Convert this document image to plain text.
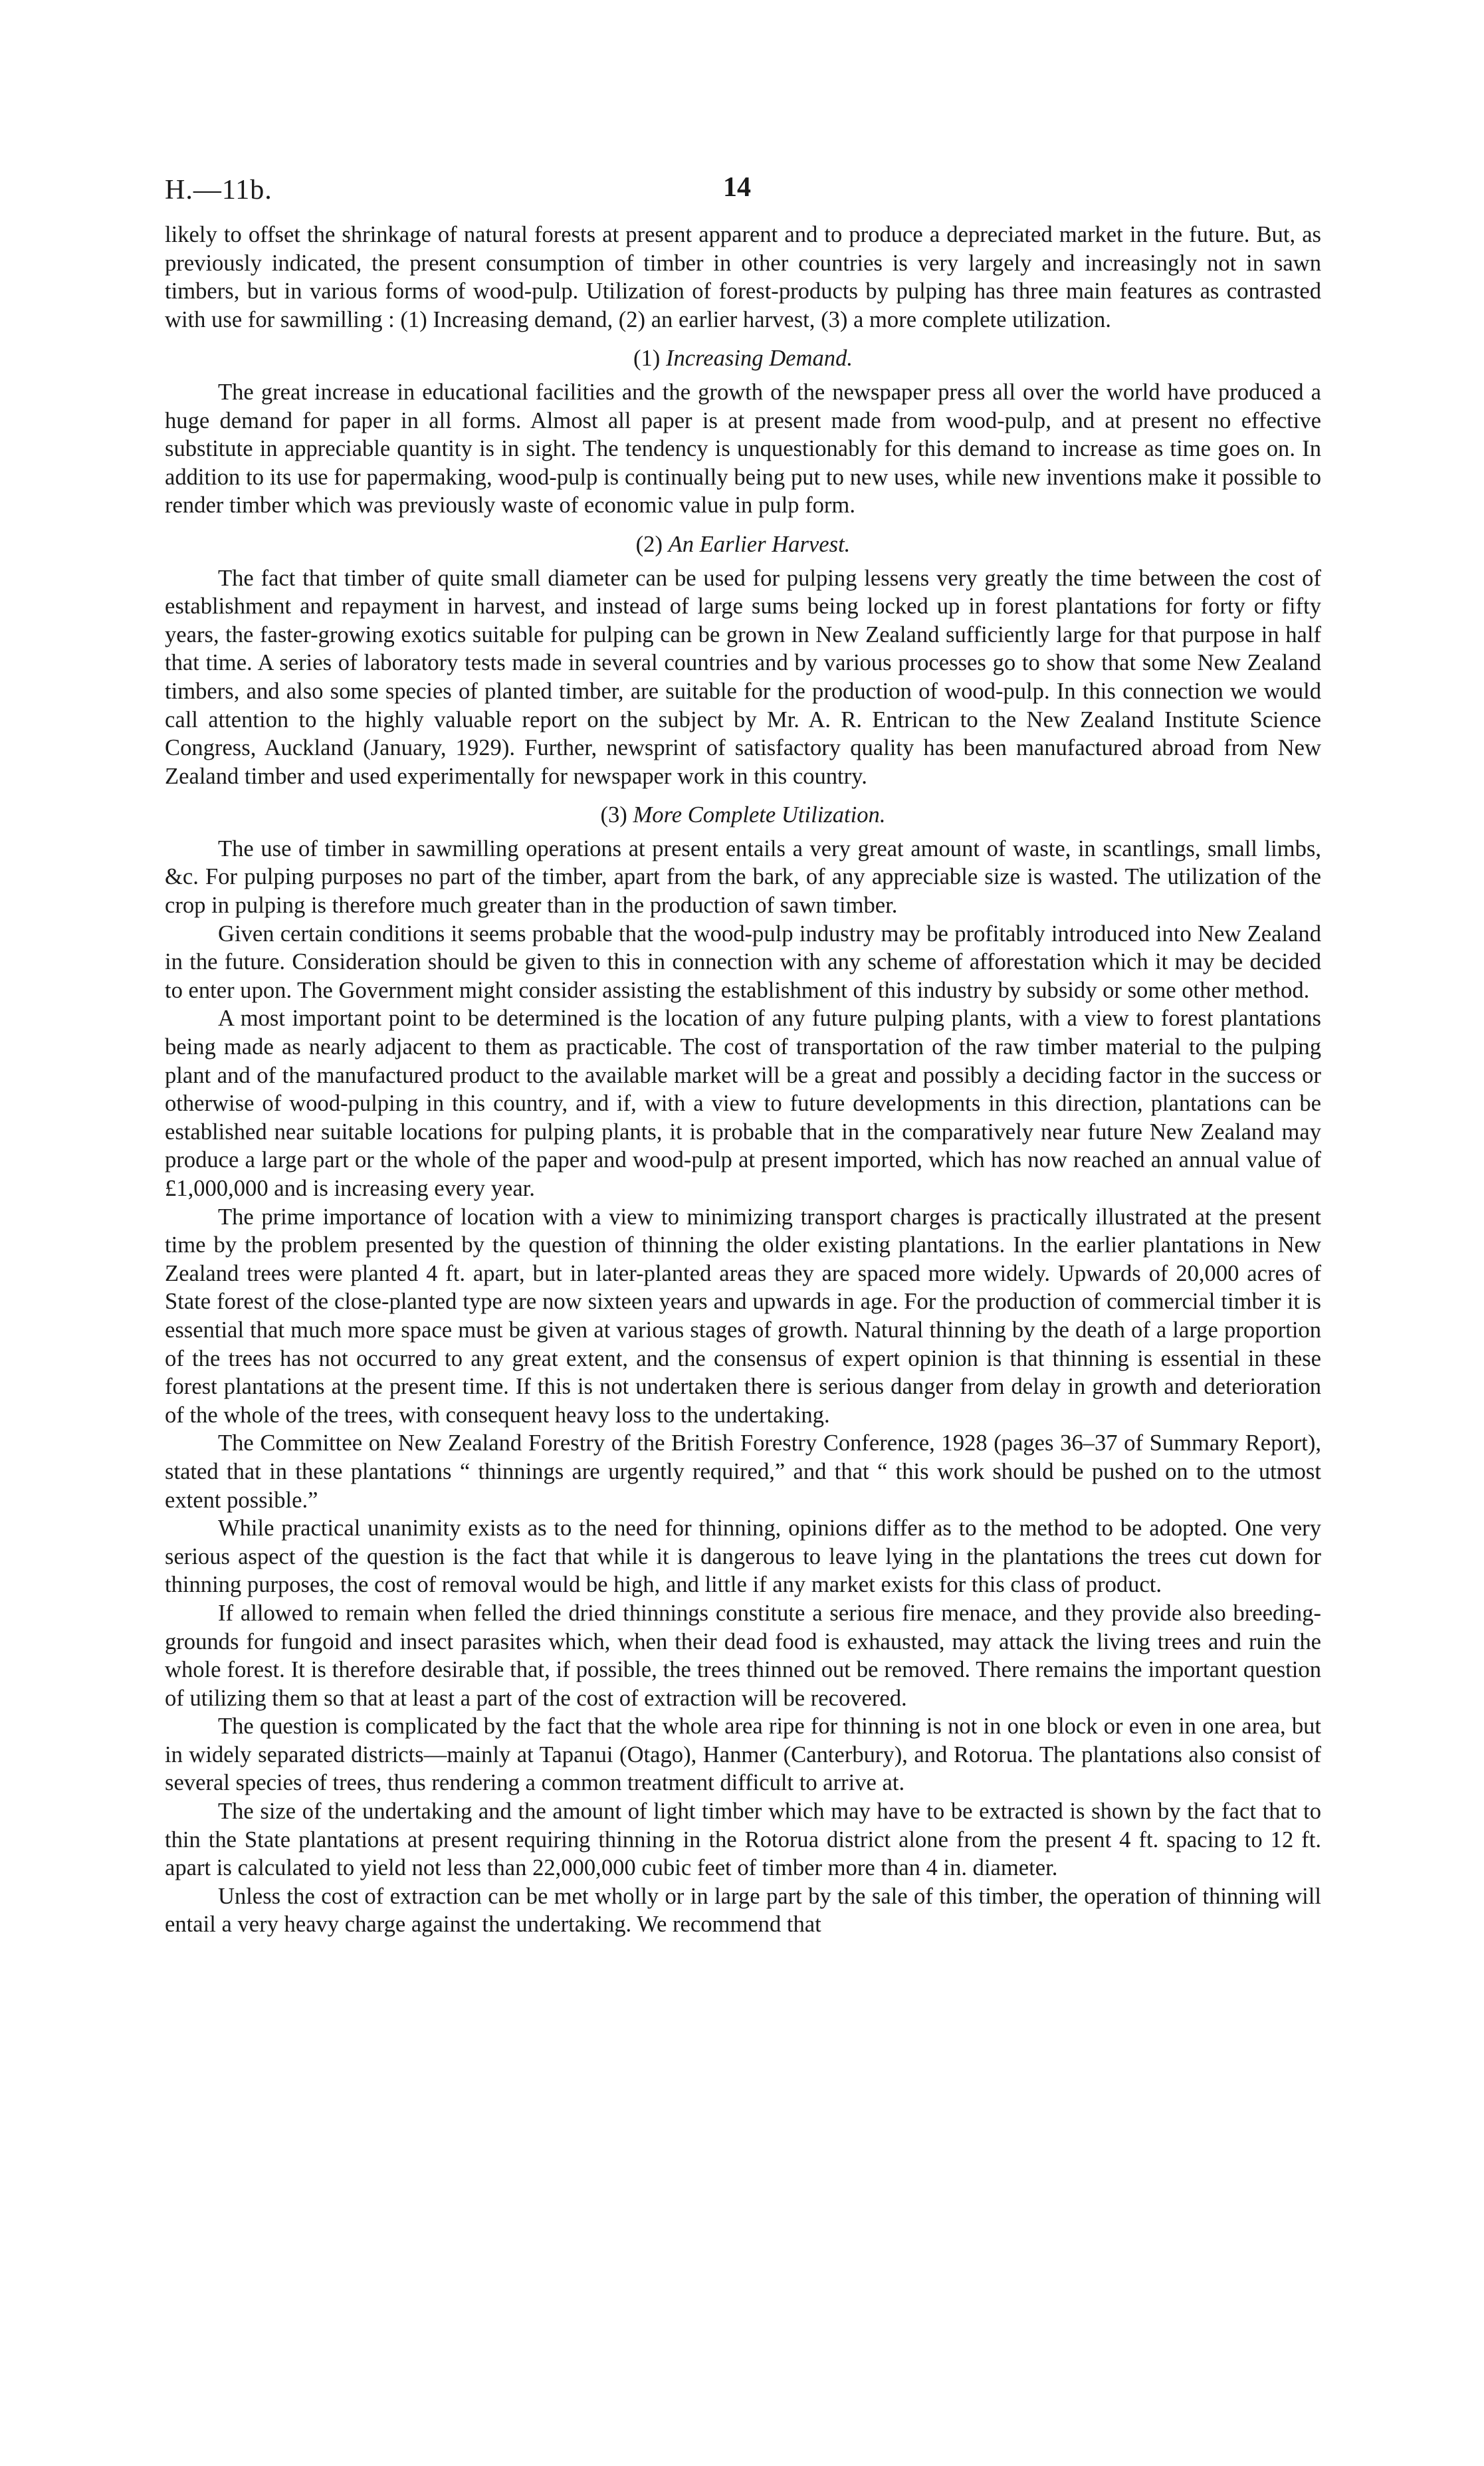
H.—11b.	14

likely to offset the shrinkage of natural forests at present apparent and to produce a depreciated market in the future. But, as previously indicated, the present consumption of timber in other countries is very largely and increasingly not in sawn timbers, but in various forms of wood-pulp. Utilization of forest-products by pulping has three main features as contrasted with use for sawmilling : (1) Increasing demand, (2) an earlier harvest, (3) a more complete utilization.

(1) Increasing Demand.

The great increase in educational facilities and the growth of the newspaper press all over the world have produced a huge demand for paper in all forms. Almost all paper is at present made from wood-pulp, and at present no effective substitute in appreciable quantity is in sight. The tendency is unquestionably for this demand to increase as time goes on. In addition to its use for papermaking, wood-pulp is continually being put to new uses, while new inventions make it possible to render timber which was previously waste of economic value in pulp form.

(2) An Earlier Harvest.

The fact that timber of quite small diameter can be used for pulping lessens very greatly the time between the cost of establishment and repayment in harvest, and instead of large sums being locked up in forest plantations for forty or fifty years, the faster-growing exotics suitable for pulping can be grown in New Zealand sufficiently large for that purpose in half that time. A series of laboratory tests made in several countries and by various processes go to show that some New Zealand timbers, and also some species of planted timber, are suitable for the production of wood-pulp. In this connection we would call attention to the highly valuable report on the subject by Mr. A. R. Entrican to the New Zealand Institute Science Congress, Auckland (January, 1929). Further, newsprint of satisfactory quality has been manufactured abroad from New Zealand timber and used experimentally for newspaper work in this country.

(3) More Complete Utilization.

The use of timber in sawmilling operations at present entails a very great amount of waste, in scantlings, small limbs, &c. For pulping purposes no part of the timber, apart from the bark, of any appreciable size is wasted. The utilization of the crop in pulping is therefore much greater than in the production of sawn timber.

Given certain conditions it seems probable that the wood-pulp industry may be profitably introduced into New Zealand in the future. Consideration should be given to this in connection with any scheme of afforestation which it may be decided to enter upon. The Government might consider assisting the establishment of this industry by subsidy or some other method.

A most important point to be determined is the location of any future pulping plants, with a view to forest plantations being made as nearly adjacent to them as practicable. The cost of transportation of the raw timber material to the pulping plant and of the manufactured product to the available market will be a great and possibly a deciding factor in the success or otherwise of wood-pulping in this country, and if, with a view to future developments in this direction, plantations can be established near suitable locations for pulping plants, it is probable that in the comparatively near future New Zealand may produce a large part or the whole of the paper and wood-pulp at present imported, which has now reached an annual value of £1,000,000 and is increasing every year.

The prime importance of location with a view to minimizing transport charges is practically illustrated at the present time by the problem presented by the question of thinning the older existing plantations. In the earlier plantations in New Zealand trees were planted 4 ft. apart, but in later-planted areas they are spaced more widely. Upwards of 20,000 acres of State forest of the close-planted type are now sixteen years and upwards in age. For the production of commercial timber it is essential that much more space must be given at various stages of growth. Natural thinning by the death of a large proportion of the trees has not occurred to any great extent, and the consensus of expert opinion is that thinning is essential in these forest plantations at the present time. If this is not undertaken there is serious danger from delay in growth and deterioration of the whole of the trees, with consequent heavy loss to the undertaking.

The Committee on New Zealand Forestry of the British Forestry Conference, 1928 (pages 36–37 of Summary Report), stated that in these plantations “ thinnings are urgently required,” and that “ this work should be pushed on to the utmost extent possible.”

While practical unanimity exists as to the need for thinning, opinions differ as to the method to be adopted. One very serious aspect of the question is the fact that while it is dangerous to leave lying in the plantations the trees cut down for thinning purposes, the cost of removal would be high, and little if any market exists for this class of product.

If allowed to remain when felled the dried thinnings constitute a serious fire menace, and they provide also breeding-grounds for fungoid and insect parasites which, when their dead food is exhausted, may attack the living trees and ruin the whole forest. It is therefore desirable that, if possible, the trees thinned out be removed. There remains the important question of utilizing them so that at least a part of the cost of extraction will be recovered.

The question is complicated by the fact that the whole area ripe for thinning is not in one block or even in one area, but in widely separated districts—mainly at Tapanui (Otago), Hanmer (Canterbury), and Rotorua. The plantations also consist of several species of trees, thus rendering a common treatment difficult to arrive at.

The size of the undertaking and the amount of light timber which may have to be extracted is shown by the fact that to thin the State plantations at present requiring thinning in the Rotorua district alone from the present 4 ft. spacing to 12 ft. apart is calculated to yield not less than 22,000,000 cubic feet of timber more than 4 in. diameter.

Unless the cost of extraction can be met wholly or in large part by the sale of this timber, the operation of thinning will entail a very heavy charge against the undertaking. We recommend that
